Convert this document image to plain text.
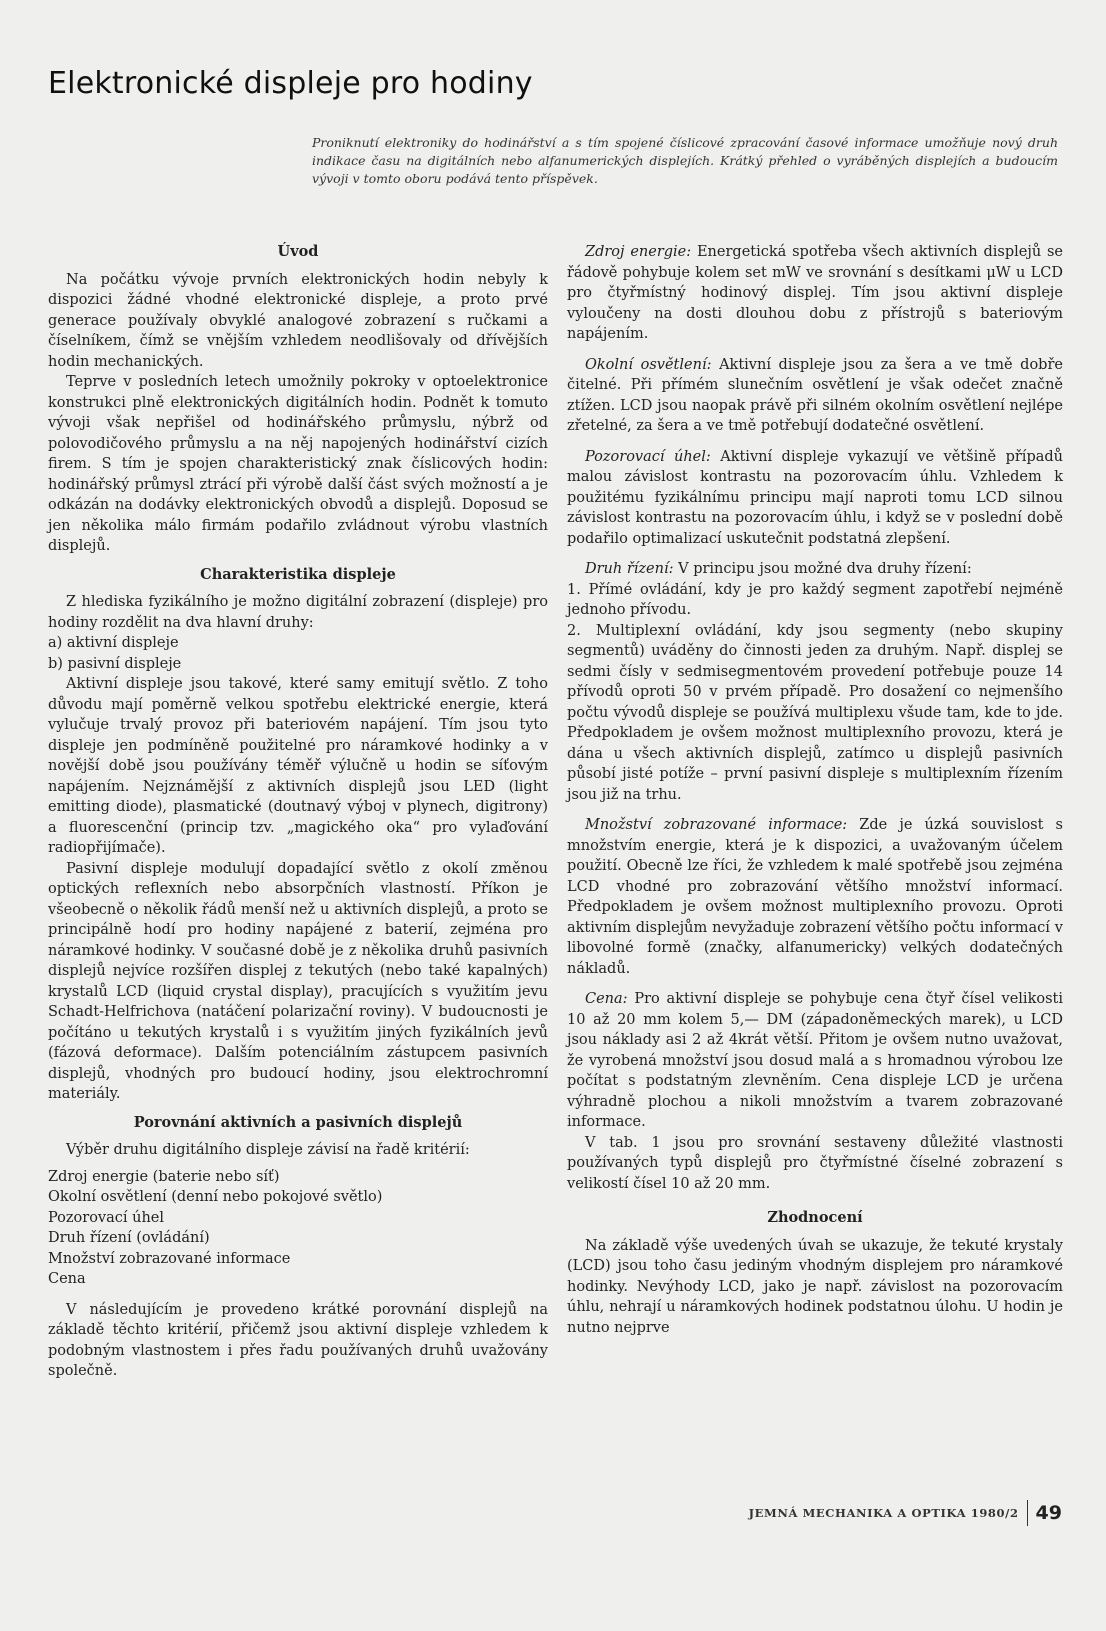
Elektronické displeje pro hodiny
Proniknutí elektroniky do hodinářství a s tím spojené číslicové zpracování časové informace umožňuje nový druh indikace času na digitálních nebo alfanumerických displejích. Krátký přehled o vyráběných displejích a budoucím vývoji v tomto oboru podává tento příspěvek.
Úvod

Na počátku vývoje prvních elektronických hodin nebyly k dispozici žádné vhodné elektronické displeje, a proto prvé generace používaly obvyklé analogové zobrazení s ručkami a číselníkem, čímž se vnějším vzhledem neodlišovaly od dřívějších hodin mechanických.

Teprve v posledních letech umožnily pokroky v optoelektronice konstrukci plně elektronických digitálních hodin. Podnět k tomuto vývoji však nepřišel od hodinářského průmyslu, nýbrž od polovodičového průmyslu a na něj napojených hodinářství cizích firem. S tím je spojen charakteristický znak číslicových hodin: hodinářský průmysl ztrácí při výrobě další část svých možností a je odkázán na dodávky elektronických obvodů a displejů. Doposud se jen několika málo firmám podařilo zvládnout výrobu vlastních displejů.

Charakteristika displeje

Z hlediska fyzikálního je možno digitální zobrazení (displeje) pro hodiny rozdělit na dva hlavní druhy:

a) aktivní displeje
b) pasivní displeje

Aktivní displeje jsou takové, které samy emitují světlo. Z toho důvodu mají poměrně velkou spotřebu elektrické energie, která vylučuje trvalý provoz při bateriovém napájení. Tím jsou tyto displeje jen podmíněně použitelné pro náramkové hodinky a v novější době jsou používány téměř výlučně u hodin se síťovým napájením. Nejznámější z aktivních displejů jsou LED (light emitting diode), plasmatické (doutnavý výboj v plynech, digitrony) a fluorescenční (princip tzv. „magického oka“ pro vylaďování radiopřijímače).

Pasivní displeje modulují dopadající světlo z okolí změnou optických reflexních nebo absorpčních vlastností. Příkon je všeobecně o několik řádů menší než u aktivních displejů, a proto se principálně hodí pro hodiny napájené z baterií, zejména pro náramkové hodinky. V současné době je z několika druhů pasivních displejů nejvíce rozšířen displej z tekutých (nebo také kapalných) krystalů LCD (liquid crystal display), pracujících s využitím jevu Schadt-Helfrichova (natáčení polarizační roviny). V budoucnosti je počítáno u tekutých krystalů i s využitím jiných fyzikálních jevů (fázová deformace). Dalším potenciálním zástupcem pasivních displejů, vhodných pro budoucí hodiny, jsou elektrochromní materiály.

Porovnání aktivních a pasivních displejů

Výběr druhu digitálního displeje závisí na řadě kritérií:

Zdroj energie (baterie nebo síť)
Okolní osvětlení (denní nebo pokojové světlo)
Pozorovací úhel
Druh řízení (ovládání)
Množství zobrazované informace
Cena

V následujícím je provedeno krátké porovnání displejů na základě těchto kritérií, přičemž jsou aktivní displeje vzhledem k podobným vlastnostem i přes řadu používaných druhů uvažovány společně.

Zdroj energie: Energetická spotřeba všech aktivních displejů se řádově pohybuje kolem set mW ve srovnání s desítkami μW u LCD pro čtyřmístný hodinový displej. Tím jsou aktivní displeje vyloučeny na dosti dlouhou dobu z přístrojů s bateriovým napájením.

Okolní osvětlení: Aktivní displeje jsou za šera a ve tmě dobře čitelné. Při přímém slunečním osvětlení je však odečet značně ztížen. LCD jsou naopak právě při silném okolním osvětlení nejlépe zřetelné, za šera a ve tmě potřebují dodatečné osvětlení.

Pozorovací úhel: Aktivní displeje vykazují ve většině případů malou závislost kontrastu na pozorovacím úhlu. Vzhledem k použitému fyzikálnímu principu mají naproti tomu LCD silnou závislost kontrastu na pozorovacím úhlu, i když se v poslední době podařilo optimalizací uskutečnit podstatná zlepšení.

Druh řízení: V principu jsou možné dva druhy řízení:

1. Přímé ovládání, kdy je pro každý segment zapotřebí nejméně jednoho přívodu.

2. Multiplexní ovládání, kdy jsou segmenty (nebo skupiny segmentů) uváděny do činnosti jeden za druhým. Např. displej se sedmi čísly v sedmisegmentovém provedení potřebuje pouze 14 přívodů oproti 50 v prvém případě. Pro dosažení co nejmenšího počtu vývodů displeje se používá multiplexu všude tam, kde to jde. Předpokladem je ovšem možnost multiplexního provozu, která je dána u všech aktivních displejů, zatímco u displejů pasivních působí jisté potíže – první pasivní displeje s multiplexním řízením jsou již na trhu.

Množství zobrazované informace: Zde je úzká souvislost s množstvím energie, která je k dispozici, a uvažovaným účelem použití. Obecně lze říci, že vzhledem k malé spotřebě jsou zejména LCD vhodné pro zobrazování většího množství informací. Předpokladem je ovšem možnost multiplexního provozu. Oproti aktivním displejům nevyžaduje zobrazení většího počtu informací v libovolné formě (značky, alfanumericky) velkých dodatečných nákladů.

Cena: Pro aktivní displeje se pohybuje cena čtyř čísel velikosti 10 až 20 mm kolem 5,— DM (západoněmeckých marek), u LCD jsou náklady asi 2 až 4krát větší. Přitom je ovšem nutno uvažovat, že vyrobená množství jsou dosud malá a s hromadnou výrobou lze počítat s podstatným zlevněním. Cena displeje LCD je určena výhradně plochou a nikoli množstvím a tvarem zobrazované informace.

V tab. 1 jsou pro srovnání sestaveny důležité vlastnosti používaných typů displejů pro čtyřmístné číselné zobrazení s velikostí čísel 10 až 20 mm.

Zhodnocení

Na základě výše uvedených úvah se ukazuje, že tekuté krystaly (LCD) jsou toho času jediným vhodným displejem pro náramkové hodinky. Nevýhody LCD, jako je např. závislost na pozorovacím úhlu, nehrají u náramkových hodinek podstatnou úlohu. U hodin je nutno nejprve

JEMNÁ MECHANIKA A OPTIKA 1980/2 49
